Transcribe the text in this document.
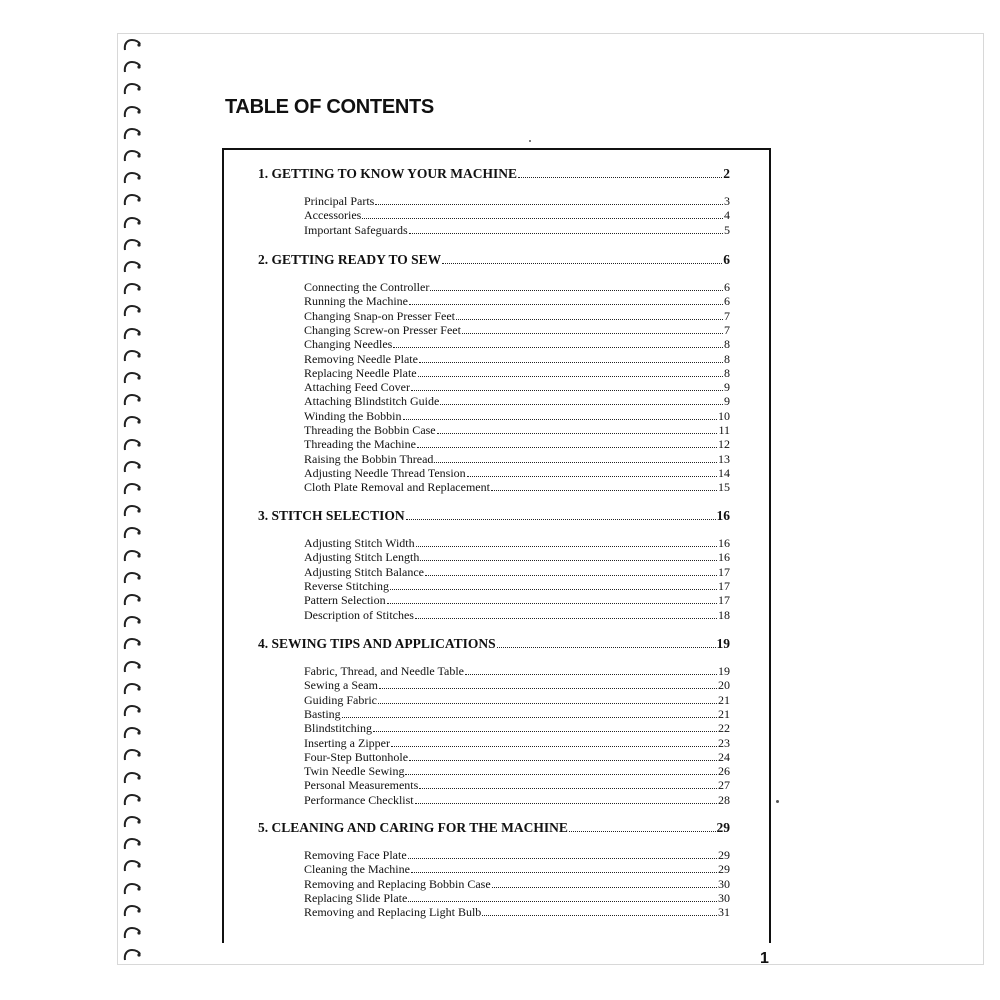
TABLE OF CONTENTS
1. GETTING TO KNOW YOUR MACHINE	2
Principal Parts	3
Accessories	4
Important Safeguards	5
2. GETTING READY TO SEW	6
Connecting the Controller	6
Running the Machine	6
Changing Snap-on Presser Feet	7
Changing Screw-on Presser Feet	7
Changing Needles	8
Removing Needle Plate	8
Replacing Needle Plate	8
Attaching Feed Cover	9
Attaching Blindstitch Guide	9
Winding the Bobbin	10
Threading the Bobbin Case	11
Threading the Machine	12
Raising the Bobbin Thread	13
Adjusting Needle Thread Tension	14
Cloth Plate Removal and Replacement	15
3. STITCH SELECTION	16
Adjusting Stitch Width	16
Adjusting Stitch Length	16
Adjusting Stitch Balance	17
Reverse Stitching	17
Pattern Selection	17
Description of Stitches	18
4. SEWING TIPS AND APPLICATIONS	19
Fabric, Thread, and Needle Table	19
Sewing a Seam	20
Guiding Fabric	21
Basting	21
Blindstitching	22
Inserting a Zipper	23
Four-Step Buttonhole	24
Twin Needle Sewing	26
Personal Measurements	27
Performance Checklist	28
5. CLEANING AND CARING FOR THE MACHINE	29
Removing Face Plate	29
Cleaning the Machine	29
Removing and Replacing Bobbin Case	30
Replacing Slide Plate	30
Removing and Replacing Light Bulb	31
1
